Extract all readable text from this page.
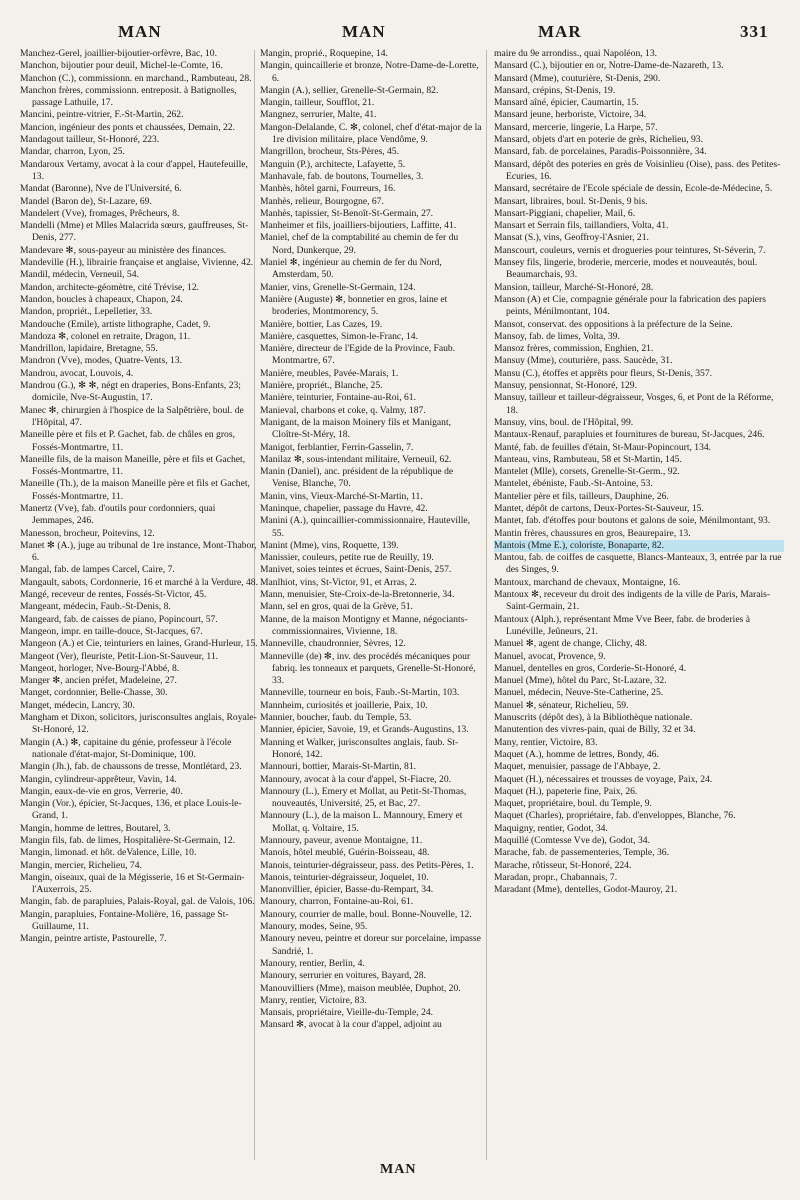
MAN	MAN	MAR	331

Manchez-Gerel, joaillier-bijoutier-orfèvre, Bac, 10.

Manchon, bijoutier pour deuil, Michel-le-Comte, 16.

Manchon (C.), commissionn. en marchand., Rambuteau, 28.

Manchon frères, commissionn. entreposit. à Batignolles, passage Lathuile, 17.

Mancini, peintre-vitrier, F.-St-Martin, 262.

Mancion, ingénieur des ponts et chaussées, Demain, 22.

Mandagout tailleur, St-Honoré, 223.

Mandar, charron, Lyon, 25.

Mandaroux Vertamy, avocat à la cour d'appel, Hautefeuille, 13.

Mandat (Baronne), Nve de l'Université, 6.

Mandel (Baron de), St-Lazare, 69.

Mandelert (Vve), fromages, Prêcheurs, 8.

Mandelli (Mme) et Mlles Malacrida sœurs, gauffreuses, St-Denis, 277.

Mandevare ✻, sous-payeur au ministère des finances.

Mandeville (H.), librairie française et anglaise, Vivienne, 42.

Mandil, médecin, Verneuil, 54.

Mandon, architecte-géomètre, cité Trévise, 12.

Mandon, boucles à chapeaux, Chapon, 24.

Mandon, propriét., Lepelletier, 33.

Mandouche (Emile), artiste lithographe, Cadet, 9.

Mandoza ✻, colonel en retraite, Dragon, 11.

Mandrillon, lapidaire, Bretagne, 55.

Mandron (Vve), modes, Quatre-Vents, 13.

Mandrou, avocat, Louvois, 4.

Mandrou (G.), ✻ ✻, négt en draperies, Bons-Enfants, 23; domicile, Nve-St-Augustin, 17.

Manec ✻, chirurgien à l'hospice de la Salpêtrière, boul. de l'Hôpital, 47.

Maneille père et fils et P. Gachet, fab. de châles en gros, Fossés-Montmartre, 11.

Maneille fils, de la maison Maneille, père et fils et Gachet, Fossés-Montmartre, 11.

Maneille (Th.), de la maison Maneille père et fils et Gachet, Fossés-Montmartre, 11.

Manertz (Vve), fab. d'outils pour cordonniers, quai Jemmapes, 246.

Manesson, brocheur, Poitevins, 12.

Manet ✻ (A.), juge au tribunal de 1re instance, Mont-Thabor, 6.

Mangal, fab. de lampes Carcel, Caire, 7.

Mangault, sabots, Cordonnerie, 16 et marché à la Verdure, 48.

Mangé, receveur de rentes, Fossés-St-Victor, 45.

Mangeant, médecin, Faub.-St-Denis, 8.

Mangeard, fab. de caisses de piano, Popincourt, 57.

Mangeon, impr. en taille-douce, St-Jacques, 67.

Mangeon (A.) et Cie, teinturiers en laines, Grand-Hurleur, 15.

Mangeot (Ver), fleuriste, Petit-Lion-St-Sauveur, 11.

Mangeot, horloger, Nve-Bourg-l'Abbé, 8.

Manger ✻, ancien préfet, Madeleine, 27.

Manget, cordonnier, Belle-Chasse, 30.

Manget, médecin, Lancry, 30.

Mangham et Dixon, solicitors, jurisconsultes anglais, Royale-St-Honoré, 12.

Mangin (A.) ✻, capitaine du génie, professeur à l'école nationale d'état-major, St-Dominique, 100.

Mangin (Jh.), fab. de chaussons de tresse, Montlétard, 23.

Mangin, cylindreur-apprêteur, Vavin, 14.

Mangin, eaux-de-vie en gros, Verrerie, 40.

Mangin (Vor.), épicier, St-Jacques, 136, et place Louis-le-Grand, 1.

Mangin, homme de lettres, Boutarel, 3.

Mangin fils, fab. de limes, Hospitalière-St-Germain, 12.

Mangin, limonad. et hôt. deValence, Lille, 10.

Mangin, mercier, Richelieu, 74.

Mangin, oiseaux, quai de la Mégisserie, 16 et St-Germain-l'Auxerrois, 25.

Mangin, fab. de parapluies, Palais-Royal, gal. de Valois, 106.

Mangin, parapluies, Fontaine-Molière, 16, passage St-Guillaume, 11.

Mangin, peintre artiste, Pastourelle, 7.

Mangin, proprié., Roquepine, 14.

Mangin, quincaillerie et bronze, Notre-Dame-de-Lorette, 6.

Mangin (A.), sellier, Grenelle-St-Germain, 82.

Mangin, tailleur, Soufflot, 21.

Mangnez, serrurier, Malte, 41.

Mangon-Delalande, C. ✻, colonel, chef d'état-major de la 1re division militaire, place Vendôme, 9.

Mangrillon, brocheur, Sts-Pères, 45.

Manguin (P.), architecte, Lafayette, 5.

Manhavale, fab. de boutons, Tournelles, 3.

Manhès, hôtel garni, Fourreurs, 16.

Manhès, relieur, Bourgogne, 67.

Manhès, tapissier, St-Benoît-St-Germain, 27.

Manheimer et fils, joailliers-bijoutiers, Laffitte, 41.

Maniel, chef de la comptabilité au chemin de fer du Nord, Dunkerque, 29.

Maniel ✻, ingénieur au chemin de fer du Nord, Amsterdam, 50.

Manier, vins, Grenelle-St-Germain, 124.

Manière (Auguste) ✻, bonnetier en gros, laine et broderies, Montmorency, 5.

Manière, bottier, Las Cazes, 19.

Manière, casquettes, Simon-le-Franc, 14.

Manière, directeur de l'Egide de la Province, Faub. Montmartre, 67.

Manière, meubles, Pavée-Marais, 1.

Manière, propriét., Blanche, 25.

Manière, teinturier, Fontaine-au-Roi, 61.

Manieval, charbons et coke, q. Valmy, 187.

Manigant, de la maison Moinery fils et Manigant, Cloître-St-Méry, 18.

Manigot, ferblantier, Ferrin-Gasselin, 7.

Manilaz ✻, sous-intendant militaire, Verneuil, 62.

Manin (Daniel), anc. président de la république de Venise, Blanche, 70.

Manin, vins, Vieux-Marché-St-Martin, 11.

Maninque, chapelier, passage du Havre, 42.

Manini (A.), quincaillier-commissionnaire, Hauteville, 55.

Manint (Mme), vins, Roquette, 139.

Manissier, couleurs, petite rue de Reuilly, 19.

Manivet, soies teintes et écrues, Saint-Denis, 257.

Manlhiot, vins, St-Victor, 91, et Arras, 2.

Mann, menuisier, Ste-Croix-de-la-Bretonnerie, 34.

Mann, sel en gros, quai de la Grève, 51.

Manne, de la maison Montigny et Manne, négociants-commissionnaires, Vivienne, 18.

Manneville, chaudronnier, Sèvres, 12.

Manneville (de) ✻, inv. des procédés mécaniques pour fabriq. les tonneaux et parquets, Grenelle-St-Honoré, 33.

Manneville, tourneur en bois, Faub.-St-Martin, 103.

Mannheim, curiosités et joaillerie, Paix, 10.

Mannier, boucher, faub. du Temple, 53.

Mannier, épicier, Savoie, 19, et Grands-Augustins, 13.

Manning et Walker, jurisconsultes anglais, faub. St-Honoré, 142.

Mannouri, bottier, Marais-St-Martin, 81.

Mannoury, avocat à la cour d'appel, St-Fiacre, 20.

Mannoury (L.), Emery et Mollat, au Petit-St-Thomas, nouveautés, Université, 25, et Bac, 27.

Mannoury (L.), de la maison L. Mannoury, Emery et Mollat, q. Voltaire, 15.

Mannoury, paveur, avenue Montaigne, 11.

Manois, hôtel meublé, Guérin-Boisseau, 48.

Manois, teinturier-dégraisseur, pass. des Petits-Pères, 1.

Manois, teinturier-dégraisseur, Joquelet, 10.

Manonvillier, épicier, Basse-du-Rempart, 34.

Manoury, charron, Fontaine-au-Roi, 61.

Manoury, courrier de malle, boul. Bonne-Nouvelle, 12.

Manoury, modes, Seine, 95.

Manoury neveu, peintre et doreur sur porcelaine, impasse Sandrié, 1.

Manoury, rentier, Berlin, 4.

Manoury, serrurier en voitures, Bayard, 28.

Manouvilliers (Mme), maison meublée, Duphot, 20.

Manry, rentier, Victoire, 83.

Mansais, propriétaire, Vieille-du-Temple, 24.

Mansard ✻, avocat à la cour d'appel, adjoint au

maire du 9e arrondiss., quai Napoléon, 13.

Mansard (C.), bijoutier en or, Notre-Dame-de-Nazareth, 13.

Mansard (Mme), couturière, St-Denis, 290.

Mansard, crépins, St-Denis, 19.

Mansard aîné, épicier, Caumartin, 15.

Mansard jeune, herboriste, Victoire, 34.

Mansard, mercerie, lingerie, La Harpe, 57.

Mansard, objets d'art en poterie de grès, Richelieu, 93.

Mansard, fab. de porcelaines, Paradis-Poissonnière, 34.

Mansard, dépôt des poteries en grès de Voisinlieu (Oise), pass. des Petites-Ecuries, 16.

Mansard, secrétaire de l'Ecole spéciale de dessin, Ecole-de-Médecine, 5.

Mansart, libraires, boul. St-Denis, 9 bis.

Mansart-Piggiani, chapelier, Mail, 6.

Mansart et Serrain fils, taillandiers, Volta, 41.

Mansat (S.), vins, Geoffroy-l'Asnier, 21.

Manscourt, couleurs, vernis et drogueries pour teintures, St-Séverin, 7.

Mansey fils, lingerie, broderie, mercerie, modes et nouveautés, boul. Beaumarchais, 93.

Mansion, tailleur, Marché-St-Honoré, 28.

Manson (A) et Cie, compagnie générale pour la fabrication des papiers peints, Ménilmontant, 104.

Mansot, conservat. des oppositions à la préfecture de la Seine.

Mansoy, fab. de limes, Volta, 39.

Mansoz frères, commission, Enghien, 21.

Mansuy (Mme), couturière, pass. Saucède, 31.

Mansu (C.), étoffes et apprêts pour fleurs, St-Denis, 357.

Mansuy, pensionnat, St-Honoré, 129.

Mansuy, tailleur et tailleur-dégraisseur, Vosges, 6, et Pont de la Réforme, 18.

Mansuy, vins, boul. de l'Hôpital, 99.

Mantaux-Renauf, parapluies et fournitures de bureau, St-Jacques, 246.

Manté, fab. de feuilles d'étain, St-Maur-Popincourt, 134.

Manteau, vins, Rambuteau, 58 et St-Martin, 145.

Mantelet (Mlle), corsets, Grenelle-St-Germ., 92.

Mantelet, ébéniste, Faub.-St-Antoine, 53.

Mantelier père et fils, tailleurs, Dauphine, 26.

Mantet, dépôt de cartons, Deux-Portes-St-Sauveur, 15.

Mantet, fab. d'étoffes pour boutons et galons de soie, Ménilmontant, 93.

Mantin frères, chaussures en gros, Beaurepaire, 13.

Mantois (Mme E.), coloriste, Bonaparte, 82.

Mantou, fab. de coiffes de casquette, Blancs-Manteaux, 3, entrée par la rue des Singes, 9.

Mantoux, marchand de chevaux, Montaigne, 16.

Mantoux ✻, receveur du droit des indigents de la ville de Paris, Marais-Saint-Germain, 21.

Mantoux (Alph.), représentant Mme Vve Beer, fabr. de broderies à Lunéville, Jeûneurs, 21.

Manuel ✻, agent de change, Clichy, 48.

Manuel, avocat, Provence, 9.

Manuel, dentelles en gros, Corderie-St-Honoré, 4.

Manuel (Mme), hôtel du Parc, St-Lazare, 32.

Manuel, médecin, Neuve-Ste-Catherine, 25.

Manuel ✻, sénateur, Richelieu, 59.

Manuscrits (dépôt des), à la Bibliothèque nationale.

Manutention des vivres-pain, quai de Billy, 32 et 34.

Many, rentier, Victoire, 83.

Maquet (A.), homme de lettres, Bondy, 46.

Maquet, menuisier, passage de l'Abbaye, 2.

Maquet (H.), nécessaires et trousses de voyage, Paix, 24.

Maquet (H.), papeterie fine, Paix, 26.

Maquet, propriétaire, boul. du Temple, 9.

Maquet (Charles), propriétaire, fab. d'enveloppes, Blanche, 76.

Maquigny, rentier, Godot, 34.

Maquillé (Comtesse Vve de), Godot, 34.

Marache, fab. de passementeries, Temple, 36.

Marache, rôtisseur, St-Honoré, 224.

Maradan, propr., Chabannais, 7.

Maradant (Mme), dentelles, Godot-Mauroy, 21.

MAN
